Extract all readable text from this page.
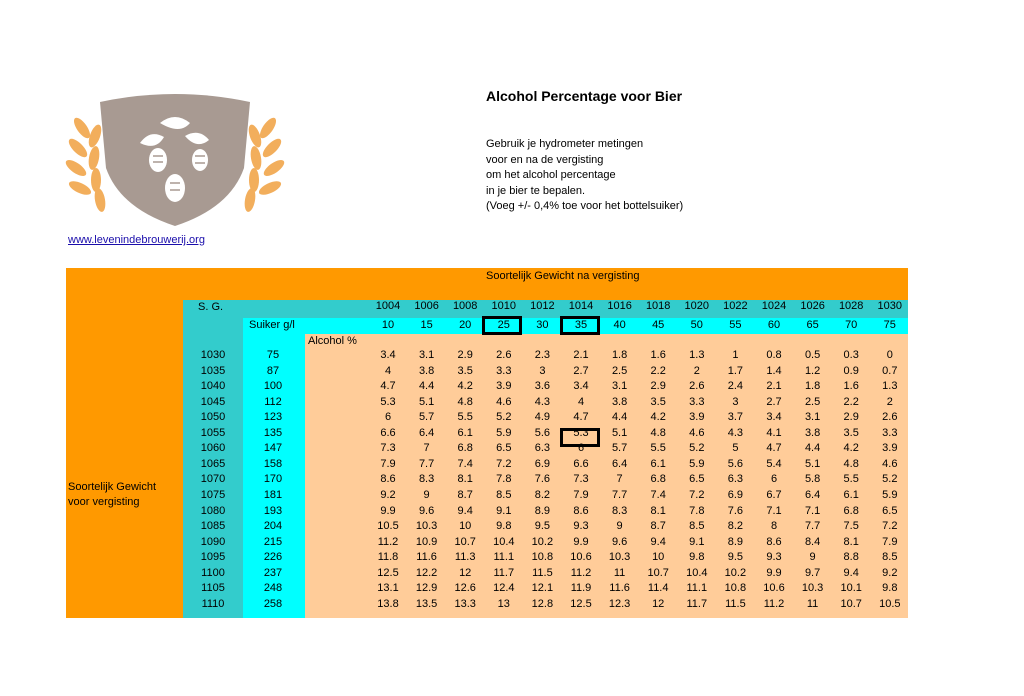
www.levenindebrouwerij.org
Alcohol Percentage voor Bier
Gebruik je hydrometer metingen
voor en na de vergisting
om het alcohol percentage
in je bier te bepalen.
(Voeg +/- 0,4% toe voor het bottelsuiker)
Soortelijk Gewicht na vergisting
S. G.
Suiker g/l
Alcohol %
Soortelijk Gewicht
voor vergisting
1004	1006	1008	1010	1012	1014	1016	1018	1020	1022	1024	1026	1028	1030
10	15	20	25	30	35	40	45	50	55	60	65	70	75
1030	75	3.4	3.1	2.9	2.6	2.3	2.1	1.8	1.6	1.3	1	0.8	0.5	0.3	0
1035	87	4	3.8	3.5	3.3	3	2.7	2.5	2.2	2	1.7	1.4	1.2	0.9	0.7
1040	100	4.7	4.4	4.2	3.9	3.6	3.4	3.1	2.9	2.6	2.4	2.1	1.8	1.6	1.3
1045	112	5.3	5.1	4.8	4.6	4.3	4	3.8	3.5	3.3	3	2.7	2.5	2.2	2
1050	123	6	5.7	5.5	5.2	4.9	4.7	4.4	4.2	3.9	3.7	3.4	3.1	2.9	2.6
1055	135	6.6	6.4	6.1	5.9	5.6	5.3	5.1	4.8	4.6	4.3	4.1	3.8	3.5	3.3
1060	147	7.3	7	6.8	6.5	6.3	6	5.7	5.5	5.2	5	4.7	4.4	4.2	3.9
1065	158	7.9	7.7	7.4	7.2	6.9	6.6	6.4	6.1	5.9	5.6	5.4	5.1	4.8	4.6
1070	170	8.6	8.3	8.1	7.8	7.6	7.3	7	6.8	6.5	6.3	6	5.8	5.5	5.2
1075	181	9.2	9	8.7	8.5	8.2	7.9	7.7	7.4	7.2	6.9	6.7	6.4	6.1	5.9
1080	193	9.9	9.6	9.4	9.1	8.9	8.6	8.3	8.1	7.8	7.6	7.1	7.1	6.8	6.5
1085	204	10.5	10.3	10	9.8	9.5	9.3	9	8.7	8.5	8.2	8	7.7	7.5	7.2
1090	215	11.2	10.9	10.7	10.4	10.2	9.9	9.6	9.4	9.1	8.9	8.6	8.4	8.1	7.9
1095	226	11.8	11.6	11.3	11.1	10.8	10.6	10.3	10	9.8	9.5	9.3	9	8.8	8.5
1100	237	12.5	12.2	12	11.7	11.5	11.2	11	10.7	10.4	10.2	9.9	9.7	9.4	9.2
1105	248	13.1	12.9	12.6	12.4	12.1	11.9	11.6	11.4	11.1	10.8	10.6	10.3	10.1	9.8
1110	258	13.8	13.5	13.3	13	12.8	12.5	12.3	12	11.7	11.5	11.2	11	10.7	10.5
